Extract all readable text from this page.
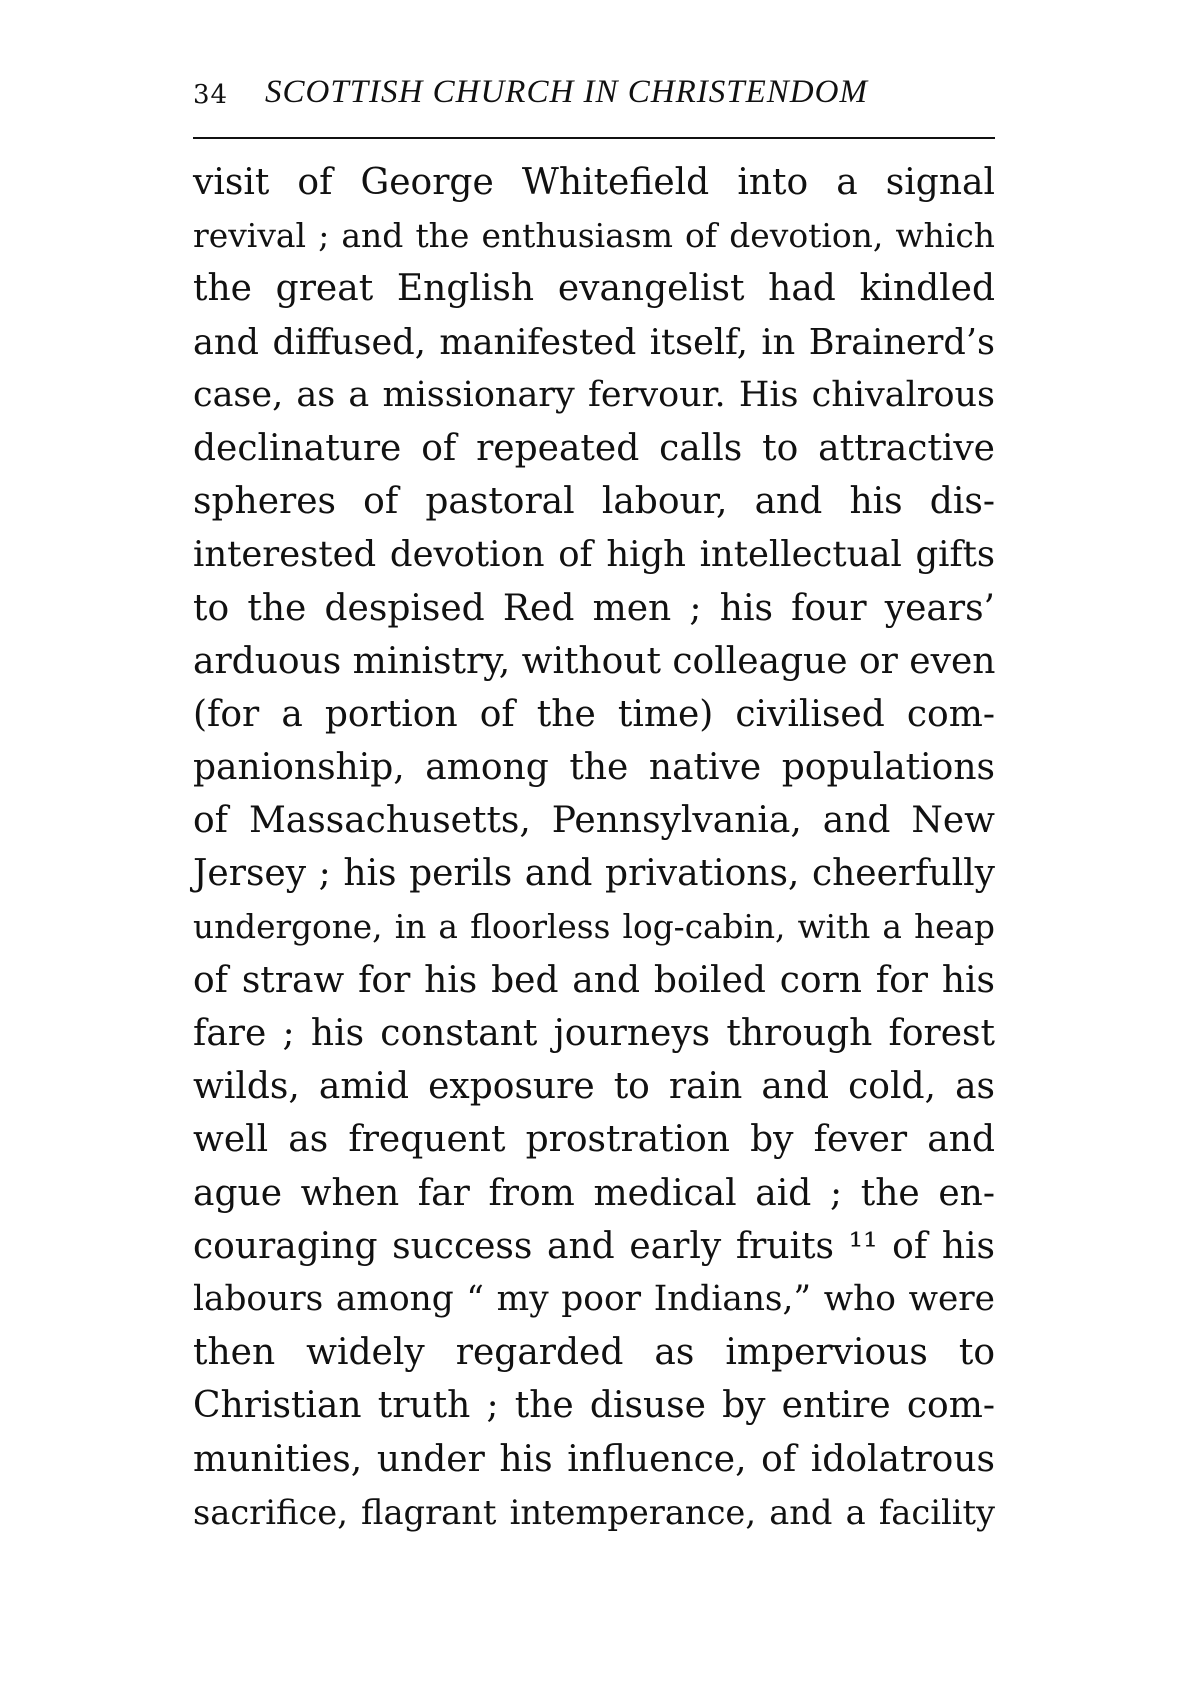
34 SCOTTISH CHURCH IN CHRISTENDOM
visit of George Whitefield into a signal
revival ; and the enthusiasm of devotion, which
the great English evangelist had kindled
and diffused, manifested itself, in Brainerd’s
case, as a missionary fervour. His chivalrous
declinature of repeated calls to attractive
spheres of pastoral labour, and his dis-
interested devotion of high intellectual gifts
to the despised Red men ; his four years’
arduous ministry, without colleague or even
(for a portion of the time) civilised com-
panionship, among the native populations
of Massachusetts, Pennsylvania, and New
Jersey ; his perils and privations, cheerfully
undergone, in a floorless log-cabin, with a heap
of straw for his bed and boiled corn for his
fare ; his constant journeys through forest
wilds, amid exposure to rain and cold, as
well as frequent prostration by fever and
ague when far from medical aid ; the en-
couraging success and early fruits ¹¹ of his
labours among “ my poor Indians,” who were
then widely regarded as impervious to
Christian truth ; the disuse by entire com-
munities, under his influence, of idolatrous
sacrifice, flagrant intemperance, and a facility
